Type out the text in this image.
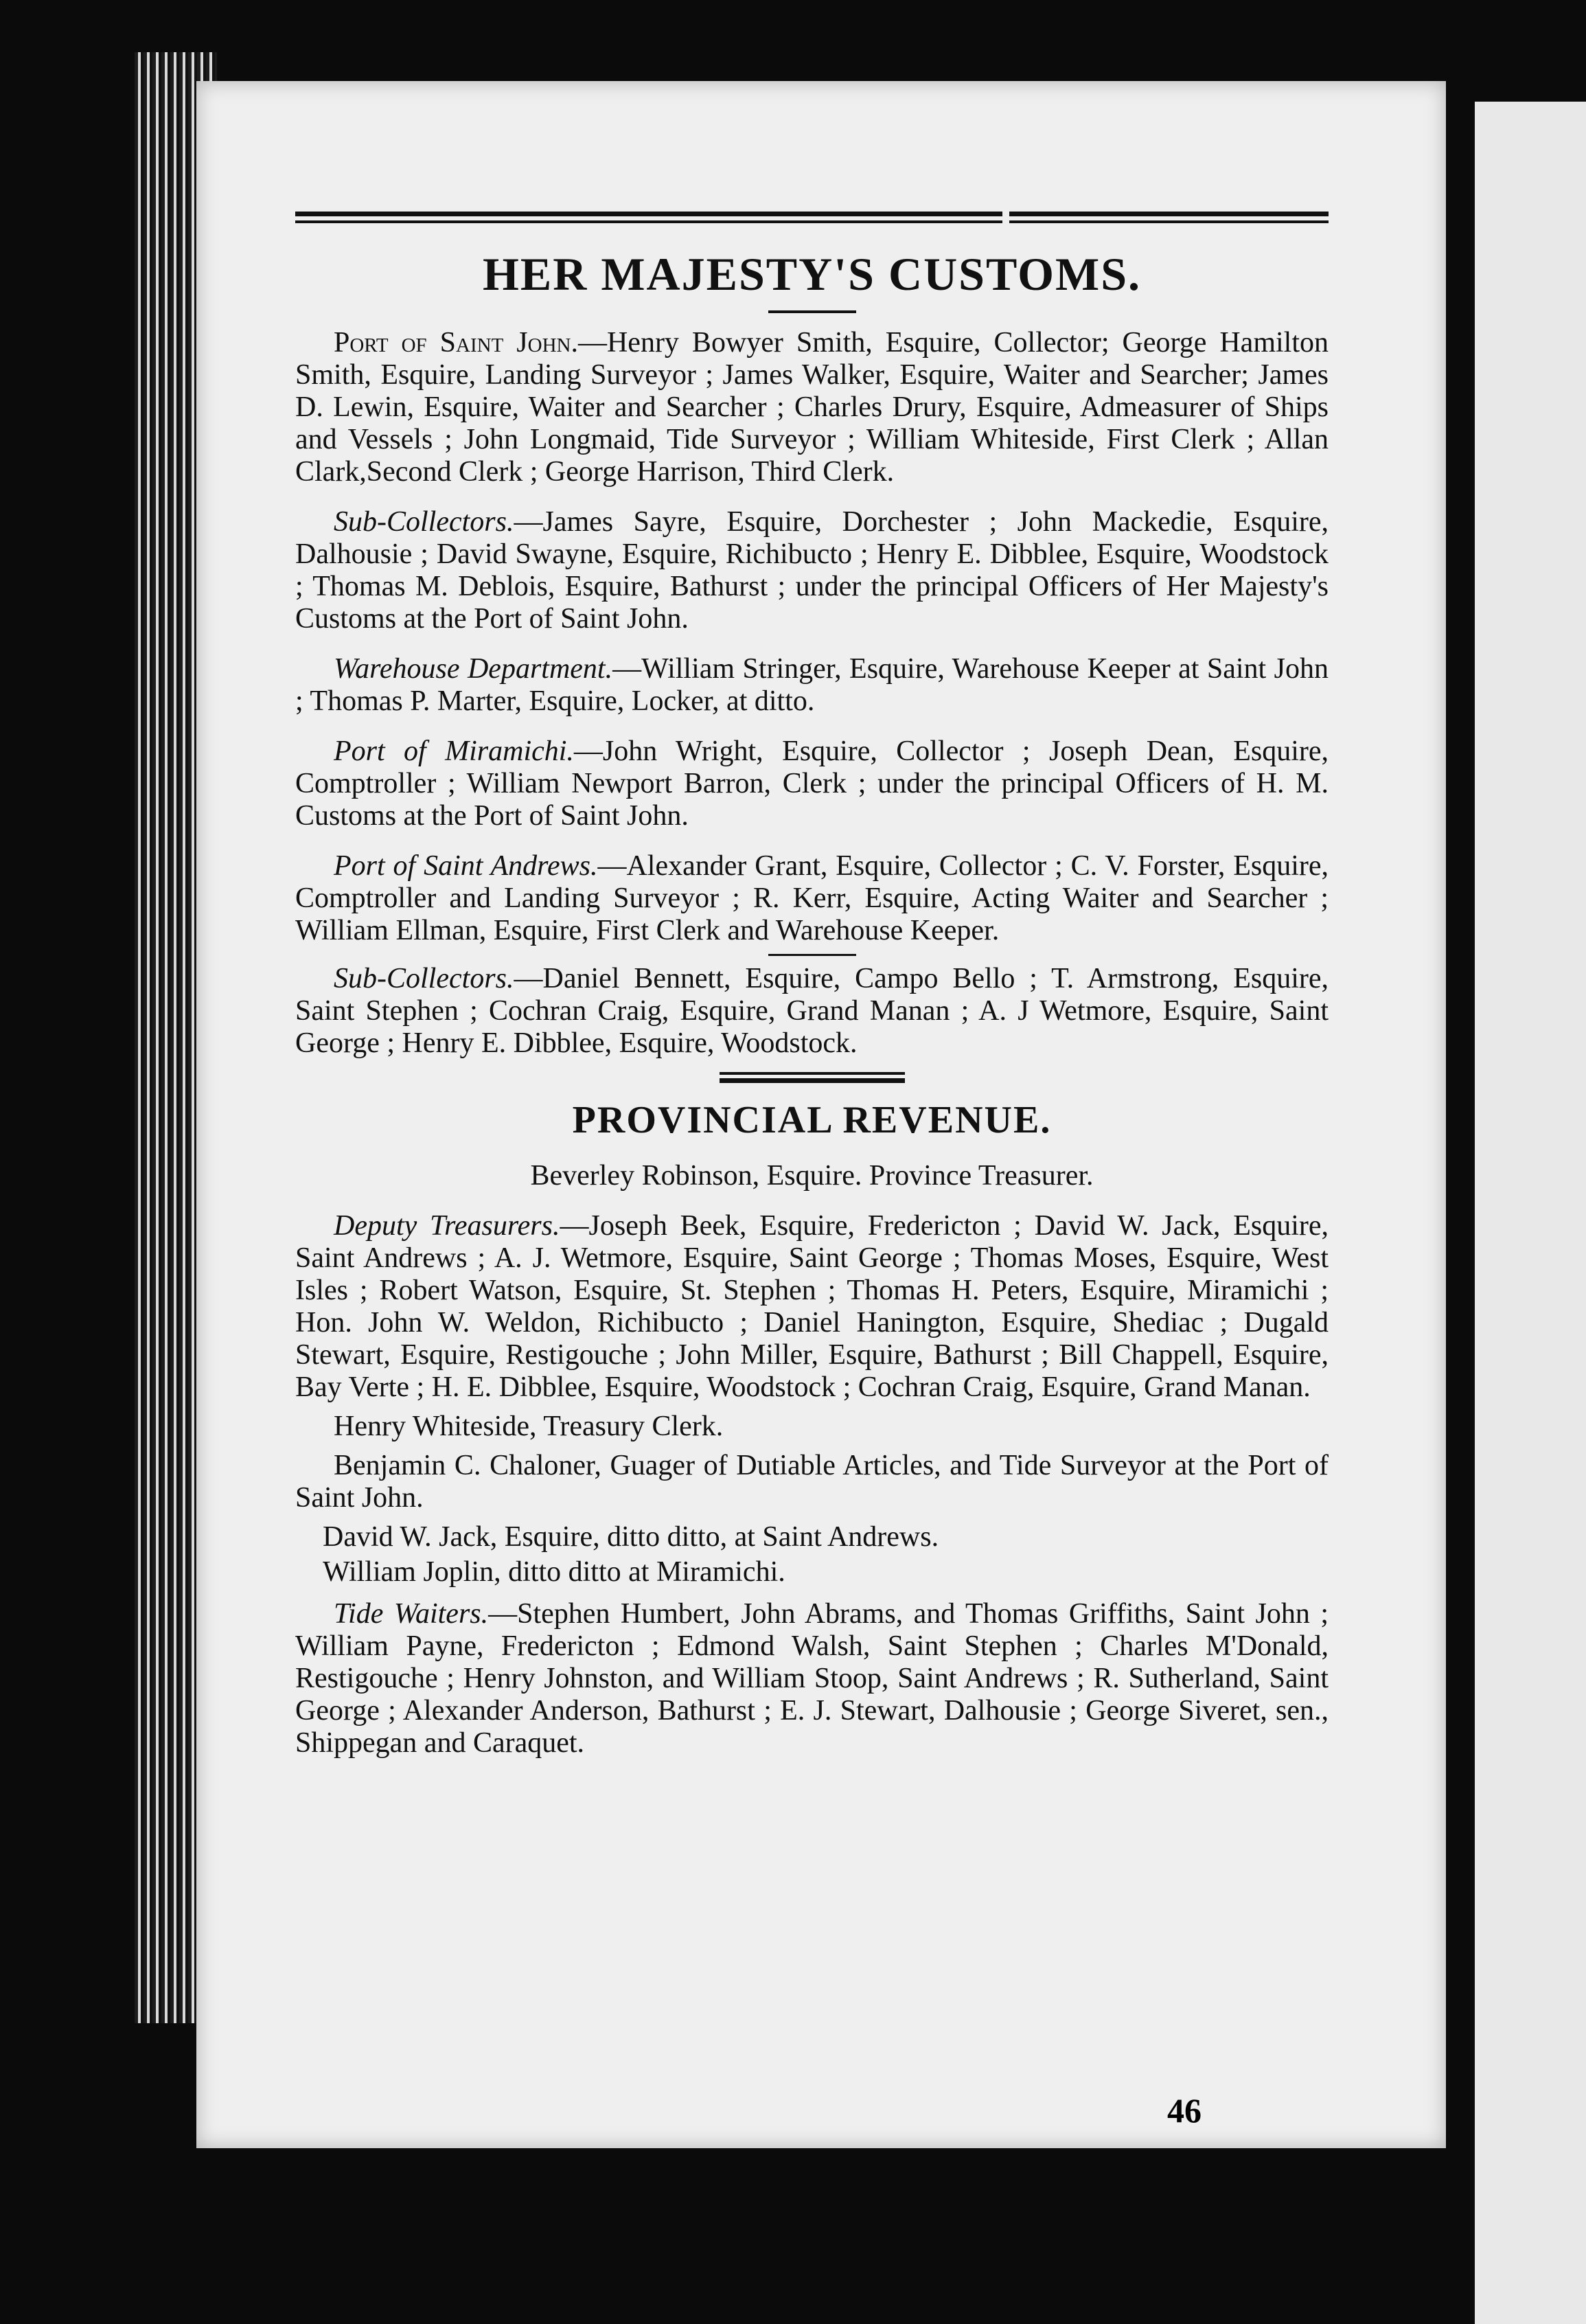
HER MAJESTY'S CUSTOMS.

Port of Saint John.—Henry Bowyer Smith, Esquire, Collector; George Hamilton Smith, Esquire, Landing Surveyor ; James Walker, Esquire, Waiter and Searcher; James D. Lewin, Esquire, Waiter and Searcher ; Charles Drury, Esquire, Admeasurer of Ships and Vessels ; John Longmaid, Tide Surveyor ; William Whiteside, First Clerk ; Allan Clark,Second Clerk ; George Harrison, Third Clerk.

Sub-Collectors.—James Sayre, Esquire, Dorchester ; John Mackedie, Esquire, Dalhousie ; David Swayne, Esquire, Richibucto ; Henry E. Dibblee, Esquire, Woodstock ; Thomas M. Deblois, Esquire, Bathurst ; under the principal Officers of Her Majesty's Customs at the Port of Saint John.

Warehouse Department.—William Stringer, Esquire, Warehouse Keeper at Saint John ; Thomas P. Marter, Esquire, Locker, at ditto.

Port of Miramichi.—John Wright, Esquire, Collector ; Joseph Dean, Esquire, Comptroller ; William Newport Barron, Clerk ; under the principal Officers of H. M. Customs at the Port of Saint John.

Port of Saint Andrews.—Alexander Grant, Esquire, Collector ; C. V. Forster, Esquire, Comptroller and Landing Surveyor ; R. Kerr, Esquire, Acting Waiter and Searcher ; William Ellman, Esquire, First Clerk and Warehouse Keeper.

Sub-Collectors.—Daniel Bennett, Esquire, Campo Bello ; T. Armstrong, Esquire, Saint Stephen ; Cochran Craig, Esquire, Grand Manan ; A. J Wetmore, Esquire, Saint George ; Henry E. Dibblee, Esquire, Woodstock.

PROVINCIAL REVENUE.

Beverley Robinson, Esquire. Province Treasurer.

Deputy Treasurers.—Joseph Beek, Esquire, Fredericton ; David W. Jack, Esquire, Saint Andrews ; A. J. Wetmore, Esquire, Saint George ; Thomas Moses, Esquire, West Isles ; Robert Watson, Esquire, St. Stephen ; Thomas H. Peters, Esquire, Miramichi ; Hon. John W. Weldon, Richibucto ; Daniel Hanington, Esquire, Shediac ; Dugald Stewart, Esquire, Restigouche ; John Miller, Esquire, Bathurst ; Bill Chappell, Esquire, Bay Verte ; H. E. Dibblee, Esquire, Woodstock ; Cochran Craig, Esquire, Grand Manan.

Henry Whiteside, Treasury Clerk.

Benjamin C. Chaloner, Guager of Dutiable Articles, and Tide Surveyor at the Port of Saint John.

David W. Jack, Esquire, ditto ditto, at Saint Andrews.

William Joplin, ditto ditto at Miramichi.

Tide Waiters.—Stephen Humbert, John Abrams, and Thomas Griffiths, Saint John ; William Payne, Fredericton ; Edmond Walsh, Saint Stephen ; Charles M'Donald, Restigouche ; Henry Johnston, and William Stoop, Saint Andrews ; R. Sutherland, Saint George ; Alexander Anderson, Bathurst ; E. J. Stewart, Dalhousie ; George Siveret, sen., Shippegan and Caraquet.

46
